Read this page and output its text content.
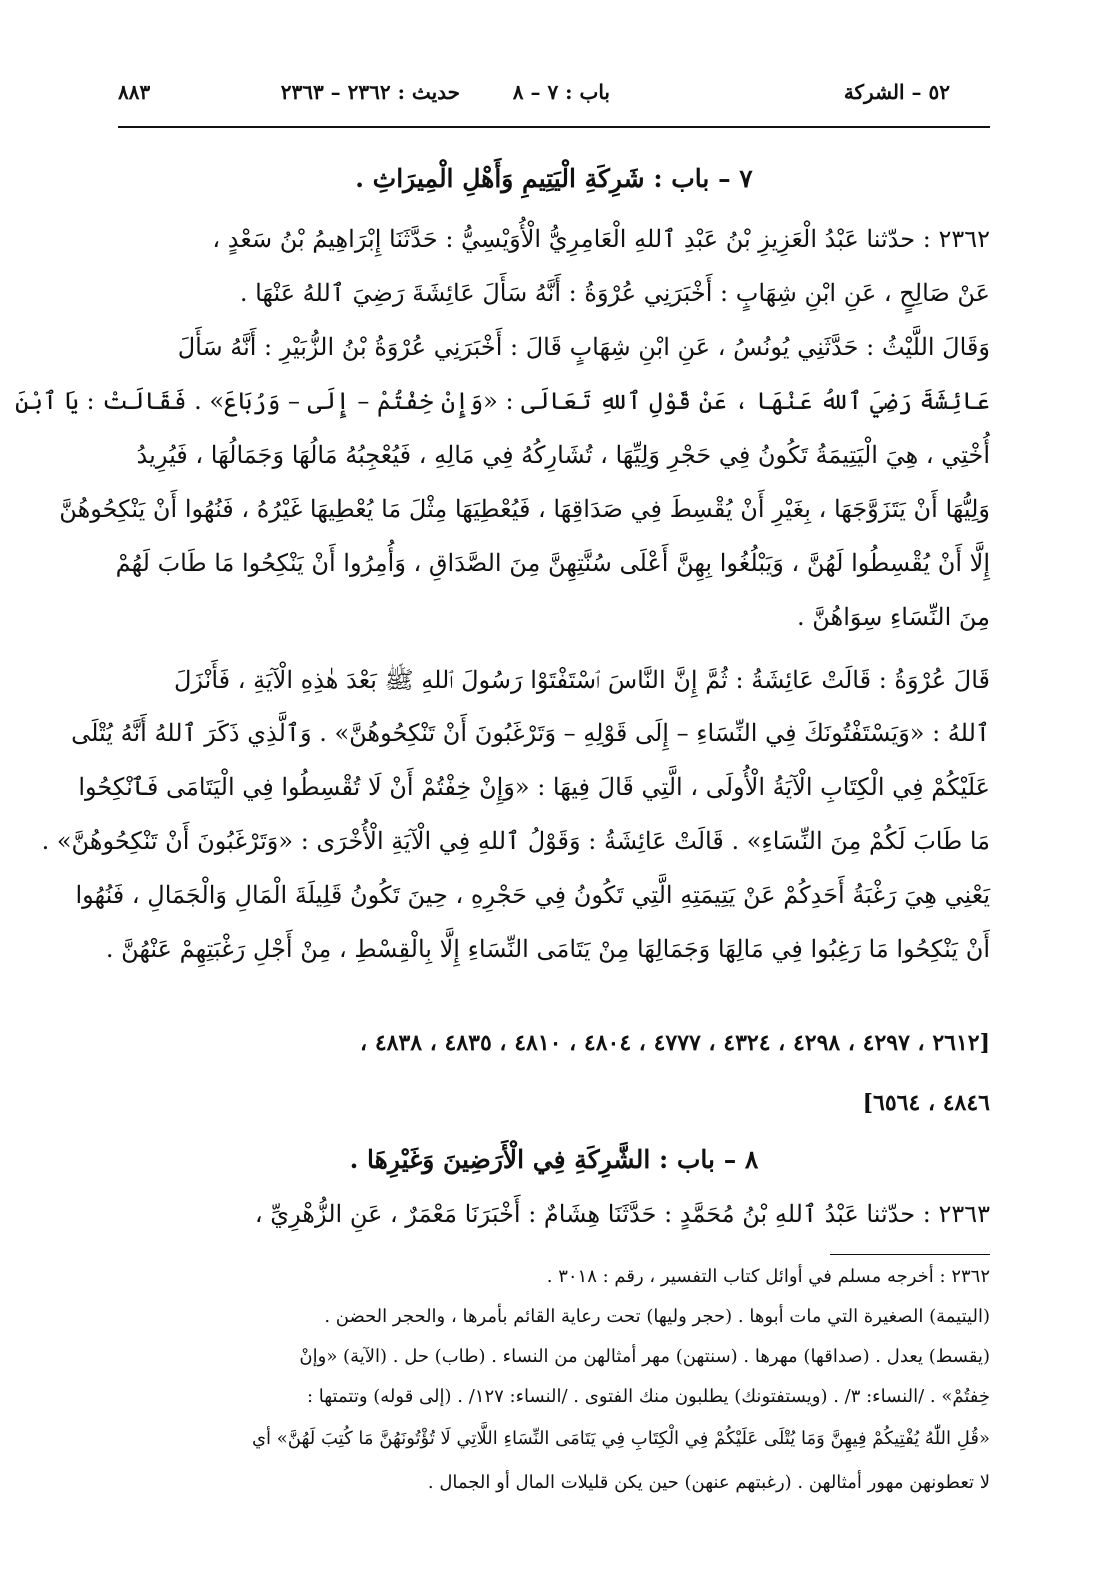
٥٢ – الشركة
باب : ٧ – ٨
حديث : ٢٣٦٢ – ٢٣٦٣
٨٨٣
٧ – باب : شَرِكَةِ الْيَتِيمِ وَأَهْلِ الْمِيرَاثِ .
٢٣٦٢ : حدّثنا عَبْدُ الْعَزِيزِ بْنُ عَبْدِ ٱللهِ الْعَامِرِيُّ الْأُوَيْسِيُّ : حَدَّثَنَا إِبْرَاهِيمُ بْنُ سَعْدٍ ،
عَنْ صَالِحٍ ، عَنِ ابْنِ شِهَابٍ : أَخْبَرَنِي عُرْوَةُ : أَنَّهُ سَأَلَ عَائِشَةَ رَضِيَ ٱللهُ عَنْهَا .
وَقَالَ اللَّيْثُ : حَدَّثَنِي يُونُسُ ، عَنِ ابْنِ شِهَابٍ قَالَ : أَخْبَرَنِي عُرْوَةُ بْنُ الزُّبَيْرِ : أَنَّهُ سَأَلَ
عَائِشَةَ رَضِيَ ٱللهُ عَنْهَا ، عَنْ قَوْلِ ٱللهِ تَعَالَى : «وَإِنْ خِفْتُمْ – إِلَى – وَرُبَاعَ» . فَقَالَتْ : يَا ٱبْنَ
أُخْتِي ، هِيَ الْيَتِيمَةُ تَكُونُ فِي حَجْرِ وَلِيِّهَا ، تُشَارِكُهُ فِي مَالِهِ ، فَيُعْجِبُهُ مَالُهَا وَجَمَالُهَا ، فَيُرِيدُ
وَلِيُّهَا أَنْ يَتَزَوَّجَهَا ، بِغَيْرِ أَنْ يُقْسِطَ فِي صَدَاقِهَا ، فَيُعْطِيَهَا مِثْلَ مَا يُعْطِيهَا غَيْرُهُ ، فَنُهُوا أَنْ يَنْكِحُوهُنَّ
إِلَّا أَنْ يُقْسِطُوا لَهُنَّ ، وَيَبْلُغُوا بِهِنَّ أَعْلَى سُنَّتِهِنَّ مِنَ الصَّدَاقِ ، وَأُمِرُوا أَنْ يَنْكِحُوا مَا طَابَ لَهُمْ
مِنَ النِّسَاءِ سِوَاهُنَّ .
قَالَ عُرْوَةُ : قَالَتْ عَائِشَةُ : ثُمَّ إِنَّ النَّاسَ ٱسْتَفْتَوْا رَسُولَ ٱللهِ ﷺ بَعْدَ هٰذِهِ الْآيَةِ ، فَأَنْزَلَ
ٱللهُ : «وَيَسْتَفْتُونَكَ فِي النِّسَاءِ – إِلَى قَوْلِهِ – وَتَرْغَبُونَ أَنْ تَنْكِحُوهُنَّ» . وَٱلَّذِي ذَكَرَ ٱللهُ أَنَّهُ يُتْلَى
عَلَيْكُمْ فِي الْكِتَابِ الْآيَةُ الْأُولَى ، الَّتِي قَالَ فِيهَا : «وَإِنْ خِفْتُمْ أَنْ لَا تُقْسِطُوا فِي الْيَتَامَى فَٱنْكِحُوا
مَا طَابَ لَكُمْ مِنَ النِّسَاءِ» . قَالَتْ عَائِشَةُ : وَقَوْلُ ٱللهِ فِي الْآيَةِ الْأُخْرَى : «وَتَرْغَبُونَ أَنْ تَنْكِحُوهُنَّ» .
يَعْنِي هِيَ رَغْبَةُ أَحَدِكُمْ عَنْ يَتِيمَتِهِ الَّتِي تَكُونُ فِي حَجْرِهِ ، حِينَ تَكُونُ قَلِيلَةَ الْمَالِ وَالْجَمَالِ ، فَنُهُوا
أَنْ يَنْكِحُوا مَا رَغِبُوا فِي مَالِهَا وَجَمَالِهَا مِنْ يَتَامَى النِّسَاءِ إِلَّا بِالْقِسْطِ ، مِنْ أَجْلِ رَغْبَتِهِمْ عَنْهُنَّ .
[٢٦١٢ ، ٤٢٩٧ ، ٤٢٩٨ ، ٤٣٢٤ ، ٤٧٧٧ ، ٤٨٠٤ ، ٤٨١٠ ، ٤٨٣٥ ، ٤٨٣٨ ،
٤٨٤٦ ، ٦٥٦٤]
٨ – باب : الشَّرِكَةِ فِي الْأَرَضِينَ وَغَيْرِهَا .
٢٣٦٣ : حدّثنا عَبْدُ ٱللهِ بْنُ مُحَمَّدٍ : حَدَّثَنَا هِشَامٌ : أَخْبَرَنَا مَعْمَرٌ ، عَنِ الزُّهْرِيِّ ،
٢٣٦٢ : أخرجه مسلم في أوائل كتاب التفسير ، رقم : ٣٠١٨ .
(اليتيمة) الصغيرة التي مات أبوها . (حجر وليها) تحت رعاية القائم بأمرها ، والحجر الحضن .
(يقسط) يعدل . (صداقها) مهرها . (سنتهن) مهر أمثالهن من النساء . (طاب) حل . (الآية) «وإنْ
خِفتُمْ» . /النساء: ٣/ . (ويستفتونك) يطلبون منك الفتوى . /النساء: ١٢٧/ . (إلى قوله) وتتمتها :
«قُلِ اللّٰهُ يُفْتِيكُمْ فِيهِنَّ وَمَا يُتْلَى عَلَيْكُمْ فِي الْكِتَابِ فِي يَتَامَى النِّسَاءِ اللَّاتِي لَا تُؤْتُونَهُنَّ مَا كُتِبَ لَهُنَّ» أي
لا تعطونهن مهور أمثالهن . (رغبتهم عنهن) حين يكن قليلات المال أو الجمال .
